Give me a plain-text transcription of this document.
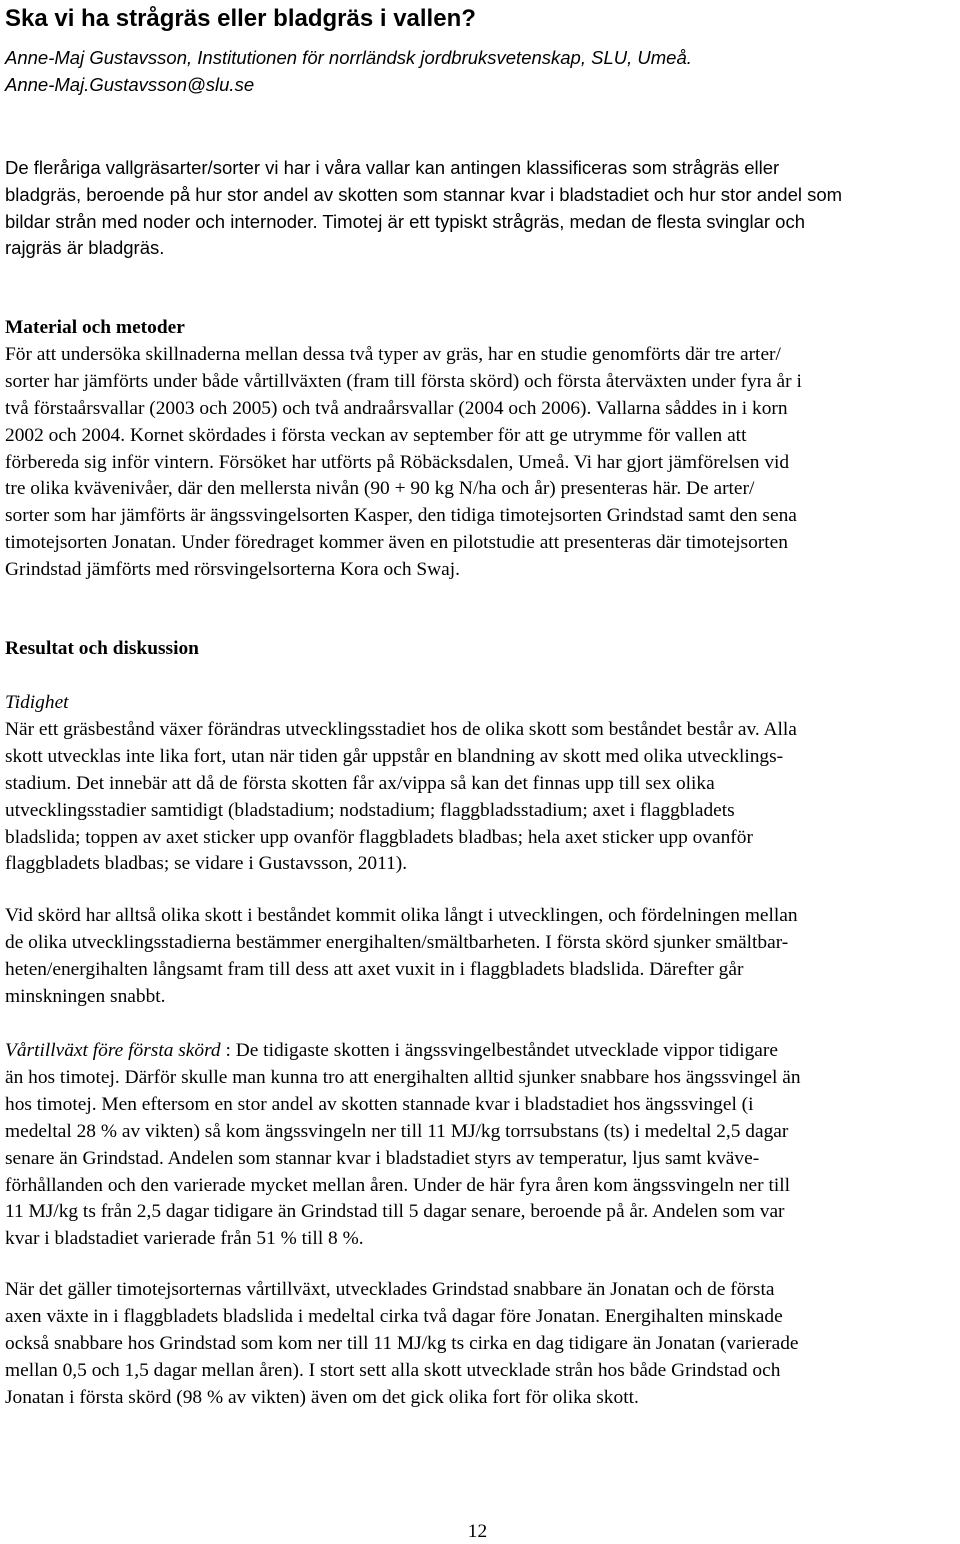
Ska vi ha strågräs eller bladgräs i vallen?
Anne-Maj Gustavsson, Institutionen för norrländsk jordbruksvetenskap, SLU, Umeå.
Anne-Maj.Gustavsson@slu.se
De fleråriga vallgräsarter/sorter vi har i våra vallar kan antingen klassificeras som strågräs eller
bladgräs, beroende på hur stor andel av skotten som stannar kvar i bladstadiet och hur stor andel som
bildar strån med noder och internoder. Timotej är ett typiskt strågräs, medan de flesta svinglar och
rajgräs är bladgräs.
Material och metoder
För att undersöka skillnaderna mellan dessa två typer av gräs, har en studie genomförts där tre arter/
sorter har jämförts under både vårtillväxten (fram till första skörd) och första återväxten under fyra år i
två förstaårsvallar (2003 och 2005) och två andraårsvallar (2004 och 2006). Vallarna såddes in i korn
2002 och 2004. Kornet skördades i första veckan av september för att ge utrymme för vallen att
förbereda sig inför vintern. Försöket har utförts på Röbäcksdalen, Umeå. Vi har gjort jämförelsen vid
tre olika kvävenivåer, där den mellersta nivån (90 + 90 kg N/ha och år) presenteras här. De arter/
sorter som har jämförts är ängssvingelsorten Kasper, den tidiga timotejsorten Grindstad samt den sena
timotejsorten Jonatan. Under föredraget kommer även en pilotstudie att presenteras där timotejsorten
Grindstad jämförts med rörsvingelsorterna Kora och Swaj.
Resultat och diskussion
Tidighet
När ett gräsbestånd växer förändras utvecklingsstadiet hos de olika skott som beståndet består av. Alla
skott utvecklas inte lika fort, utan när tiden går uppstår en blandning av skott med olika utvecklings-
stadium. Det innebär att då de första skotten får ax/vippa så kan det finnas upp till sex olika
utvecklingsstadier samtidigt (bladstadium; nodstadium; flaggbladsstadium; axet i flaggbladets
bladslida; toppen av axet sticker upp ovanför flaggbladets bladbas; hela axet sticker upp ovanför
flaggbladets bladbas; se vidare i Gustavsson, 2011).
Vid skörd har alltså olika skott i beståndet kommit olika långt i utvecklingen, och fördelningen mellan
de olika utvecklingsstadierna bestämmer energihalten/smältbarheten. I första skörd sjunker smältbar-
heten/energihalten långsamt fram till dess att axet vuxit in i flaggbladets bladslida. Därefter går
minskningen snabbt.
Vårtillväxt före första skörd : De tidigaste skotten i ängssvingelbeståndet utvecklade vippor tidigare
än hos timotej. Därför skulle man kunna tro att energihalten alltid sjunker snabbare hos ängssvingel än
hos timotej. Men eftersom en stor andel av skotten stannade kvar i bladstadiet hos ängssvingel (i
medeltal 28 % av vikten) så kom ängssvingeln ner till 11 MJ/kg torrsubstans (ts) i medeltal 2,5 dagar
senare än Grindstad. Andelen som stannar kvar i bladstadiet styrs av temperatur, ljus samt kväve-
förhållanden och den varierade mycket mellan åren. Under de här fyra åren kom ängssvingeln ner till
11 MJ/kg ts från 2,5 dagar tidigare än Grindstad till 5 dagar senare, beroende på år. Andelen som var
kvar i bladstadiet varierade från 51 % till 8 %.
När det gäller timotejsorternas vårtillväxt, utvecklades Grindstad snabbare än Jonatan och de första
axen växte in i flaggbladets bladslida i medeltal cirka två dagar före Jonatan. Energihalten minskade
också snabbare hos Grindstad som kom ner till 11 MJ/kg ts cirka en dag tidigare än Jonatan (varierade
mellan 0,5 och 1,5 dagar mellan åren). I stort sett alla skott utvecklade strån hos både Grindstad och
Jonatan i första skörd (98 % av vikten) även om det gick olika fort för olika skott.
12
